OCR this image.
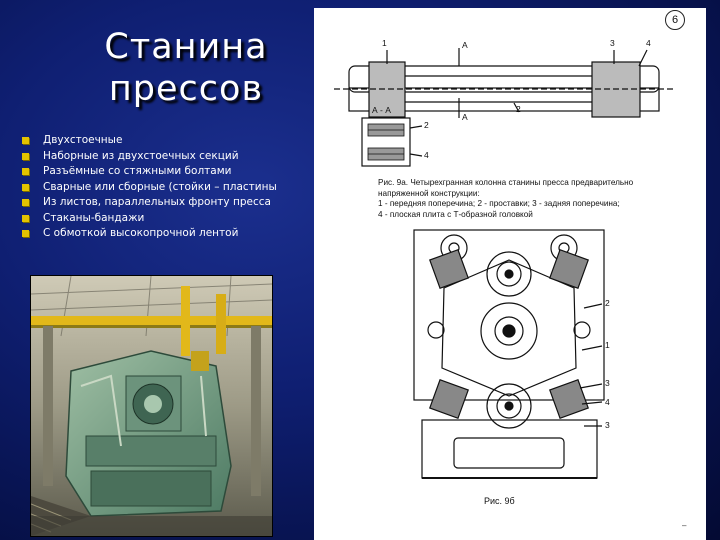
Станина
прессов
Двухстоечные
Наборные из двухстоечных секций
Разъёмные со стяжными болтами
Сварные или сборные (стойки – пластины
Из листов, параллельных фронту пресса
Стаканы-бандажи
С обмоткой высокопрочной лентой
6
1	3	4
2
А
А
А - А
2
4
2
1
3
4
3
Рис. 9а. Четырехгранная колонна станины пресса предварительно
напряженной конструкции:
1 - передняя поперечина; 2 - проставки; 3 - задняя поперечина;
4 - плоская плита с Т-образной головкой
Рис. 9б
–
